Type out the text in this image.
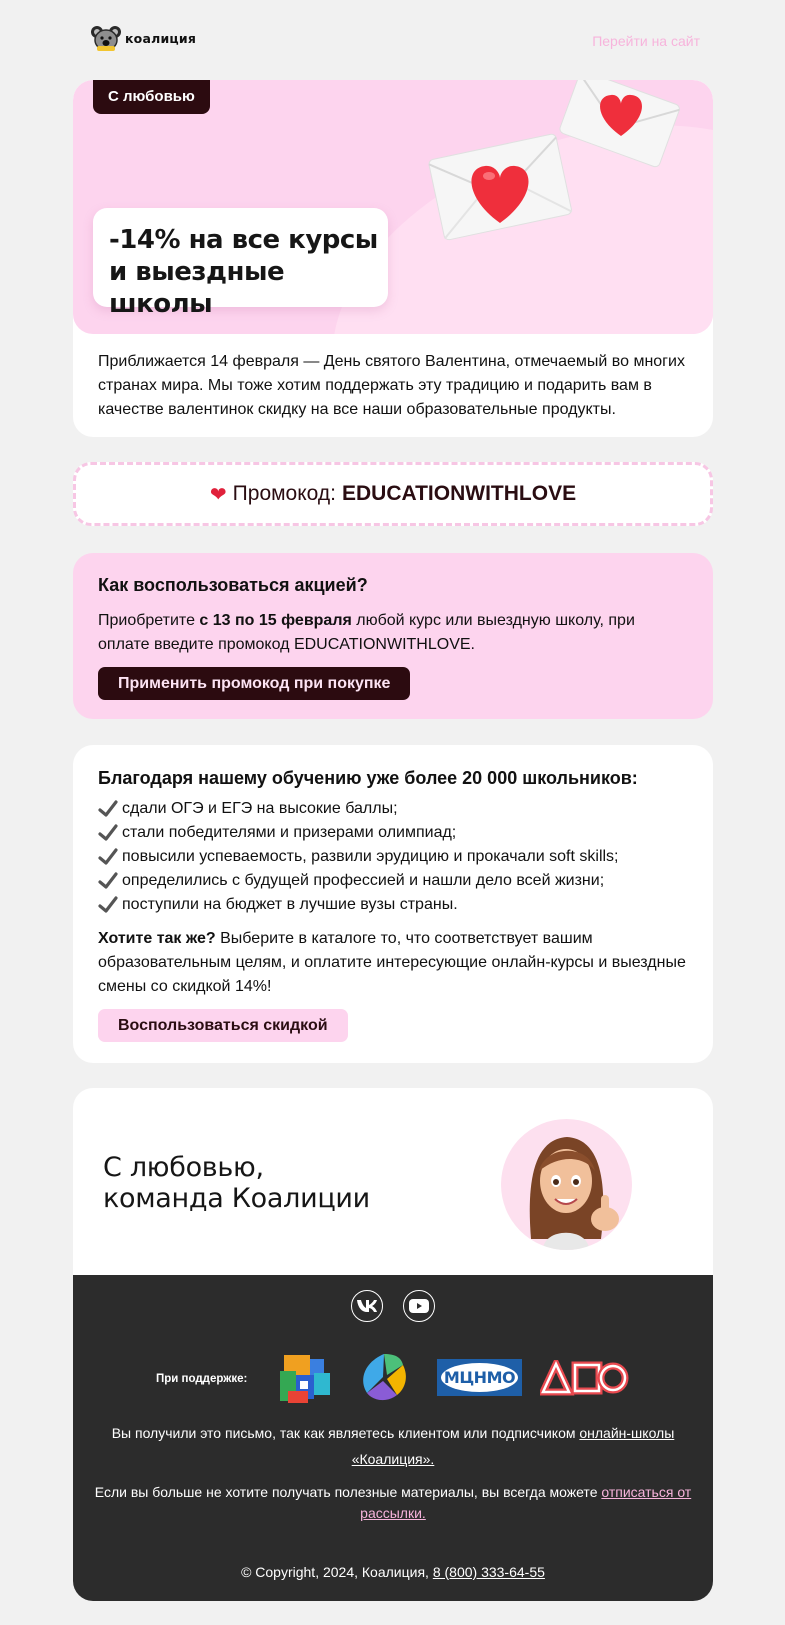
коалиция	Перейти на сайт
С любовью
-14% на все курсы
и выездные школы

Приближается 14 февраля — День святого Валентина, отмечаемый во многих странах мира. Мы тоже хотим поддержать эту традицию и подарить вам в качестве валентинок скидку на все наши образовательные продукты.

❤ Промокод: EDUCATIONWITHLOVE
Как воспользоваться акцией?

Приобретите с 13 по 15 февраля любой курс или выездную школу, при оплате введите промокод EDUCATIONWITHLOVE.

Применить промокод при покупке
Благодаря нашему обучению уже более 20 000 школьников:
сдали ОГЭ и ЕГЭ на высокие баллы;
стали победителями и призерами олимпиад;
повысили успеваемость, развили эрудицию и прокачали soft skills;
определились с будущей профессией и нашли дело всей жизни;
поступили на бюджет в лучшие вузы страны.

Хотите так же? Выберите в каталоге то, что соответствует вашим образовательным целям, и оплатите интересующие онлайн-курсы и выездные смены со скидкой 14%!

Воспользоваться скидкой
С любовью,
команда Коалиции
При поддержке:	МЦНМО

Вы получили это письмо, так как являетесь клиентом или подписчиком онлайн-школы «Коалиция».

Если вы больше не хотите получать полезные материалы, вы всегда можете отписаться от рассылки.

© Copyright, 2024, Коалиция, 8 (800) 333-64-55
